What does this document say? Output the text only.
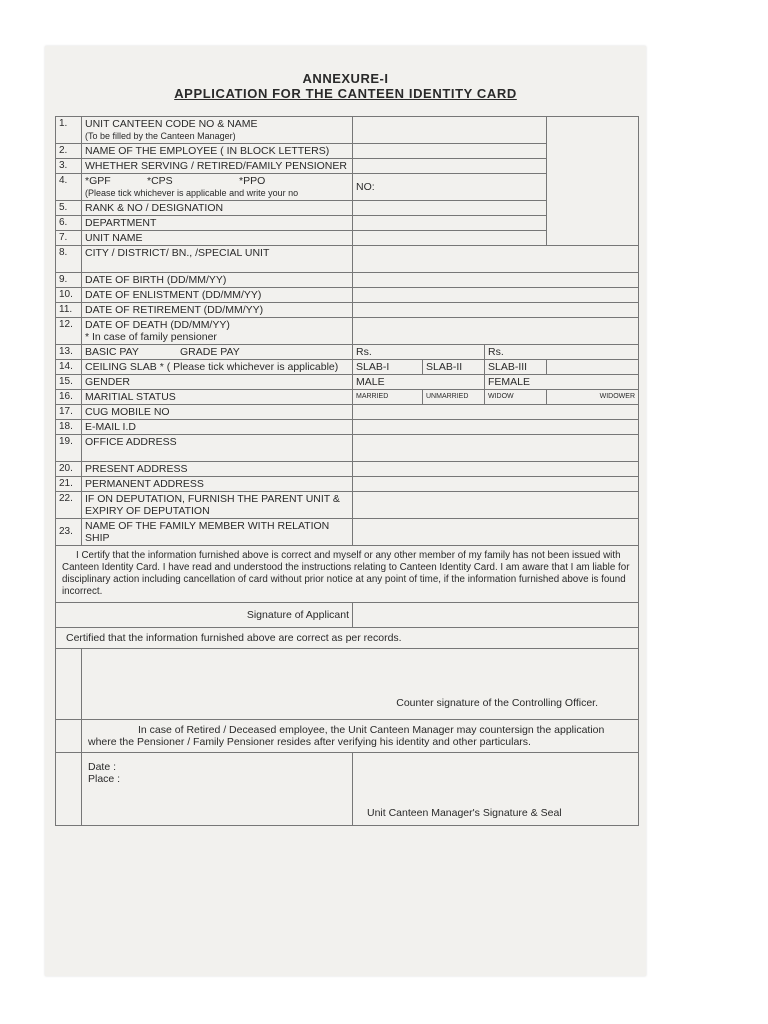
ANNEXURE-I
APPLICATION FOR THE CANTEEN IDENTITY CARD
1.	UNIT CANTEEN CODE NO & NAME
(To be filled by the Canteen Manager)				

2.	NAME OF THE EMPLOYEE ( IN BLOCK LETTERS)				
3.	WHETHER SERVING / RETIRED/FAMILY PENSIONER				
4.	*GPF *CPS *PPO
(Please tick whichever is applicable and write your no	NO:			
5.	RANK & NO / DESIGNATION				
6.	DEPARTMENT				
7.	UNIT NAME				
8.	CITY / DISTRICT/ BN., /SPECIAL UNIT				
9.	DATE OF BIRTH (DD/MM/YY)				
10.	DATE OF ENLISTMENT (DD/MM/YY)				
11.	DATE OF RETIREMENT (DD/MM/YY)				
12.	DATE OF DEATH (DD/MM/YY)
* In case of family pensioner				

13.	BASIC PAY GRADE PAY	Rs.		Rs.	
14.	CEILING SLAB * ( Please tick whichever is applicable)	SLAB-I	SLAB-II	SLAB-III	
15.	GENDER	MALE		FEMALE	
16.	MARITIAL STATUS	MARRIED	UNMARRIED	WIDOW	WIDOWER
17.	CUG MOBILE NO				
18.	E-MAIL I.D				
19.	OFFICE ADDRESS				
20.	PRESENT ADDRESS				
21.	PERMANENT ADDRESS				
22.	IF ON DEPUTATION, FURNISH THE PARENT UNIT & EXPIRY OF DEPUTATION				
23.	NAME OF THE FAMILY MEMBER WITH RELATION SHIP				
I Certify that the information furnished above is correct and myself or any other member of my family has not been issued with Canteen Identity Card. I have read and understood the instructions relating to Canteen Identity Card. I am aware that I am liable for disciplinary action including cancellation of card without prior notice at any point of time, if the information furnished above is found incorrect.					
Signature of Applicant					
Certified that the information furnished above are correct as per records.					

	Counter signature of the Controlling Officer.				

	In case of Retired / Deceased employee, the Unit Canteen Manager may countersign the application where the Pensioner / Family Pensioner resides after verifying his identity and other particulars.				

	Date :
Place :	Unit Canteen Manager's Signature & Seal			
